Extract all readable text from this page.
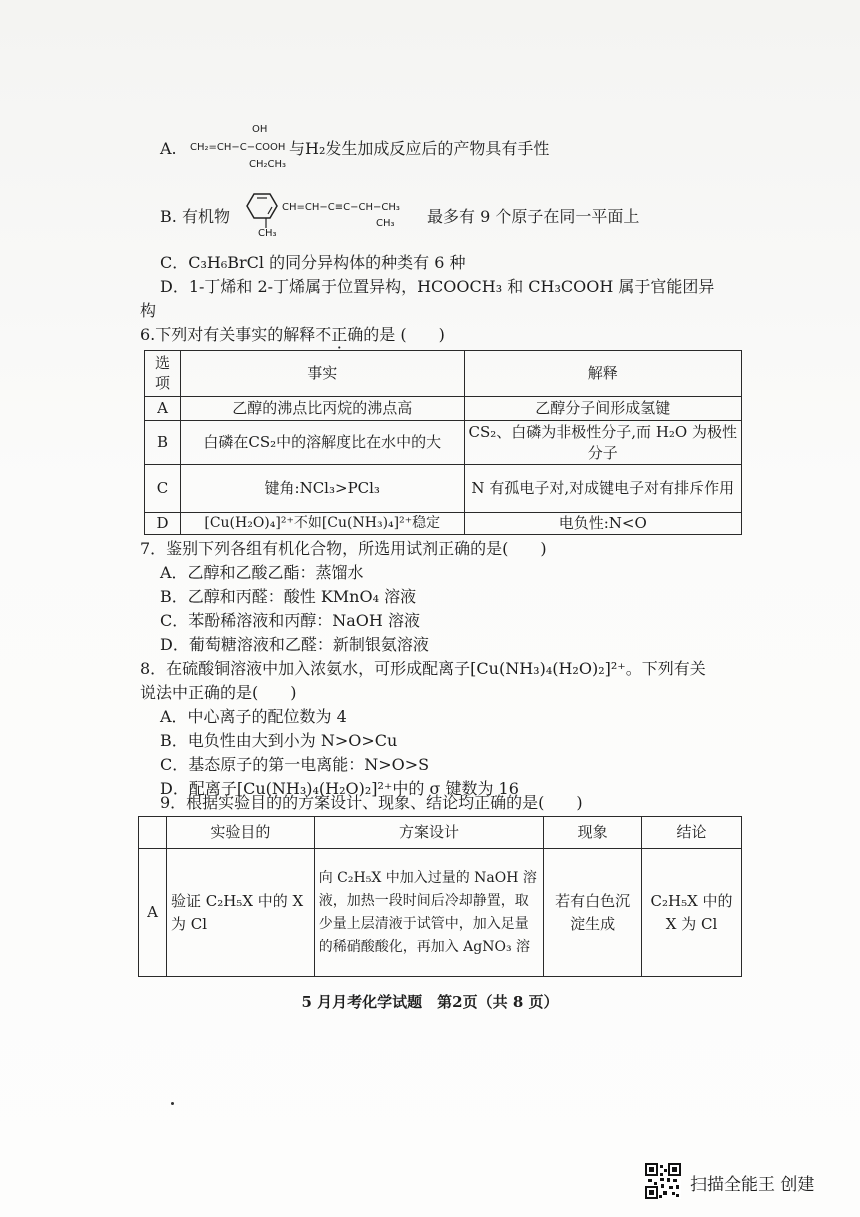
A.
OH
CH₂=CH−C−COOH
CH₂CH₃
与H₂发生加成反应后的产物具有手性
B. 有机物
CH₃
CH=CH−C≡C−CH−CH₃
CH₃ 最多有 9 个原子在同一平面上
C．C₃H₆BrCl 的同分异构体的种类有 6 种
D．1-丁烯和 2-丁烯属于位置异构，HCOOCH₃ 和 CH₃COOH 属于官能团异
构
6.下列对有关事实的解释不正确的是 (　　)
选项	事实	解释
A	乙醇的沸点比丙烷的沸点高	乙醇分子间形成氢键
B	白磷在CS₂中的溶解度比在水中的大	CS₂、白磷为非极性分子,而 H₂O 为极性分子
C	键角:NCl₃>PCl₃	N 有孤电子对,对成键电子对有排斥作用
D	[Cu(H₂O)₄]²⁺不如[Cu(NH₃)₄]²⁺稳定	电负性:N<O
7．鉴别下列各组有机化合物，所选用试剂正确的是(　　)
A．乙醇和乙酸乙酯：蒸馏水
B．乙醇和丙醛：酸性 KMnO₄ 溶液
C．苯酚稀溶液和丙醇：NaOH 溶液
D．葡萄糖溶液和乙醛：新制银氨溶液
8．在硫酸铜溶液中加入浓氨水，可形成配离子[Cu(NH₃)₄(H₂O)₂]²⁺。下列有关
说法中正确的是(　　)
A．中心离子的配位数为 4
B．电负性由大到小为 N>O>Cu
C．基态原子的第一电离能：N>O>S
D．配离子[Cu(NH₃)₄(H₂O)₂]²⁺中的 σ 键数为 16
9．根据实验目的的方案设计、现象、结论均正确的是(　　)
	实验目的	方案设计	现象	结论
A	验证 C₂H₅X 中的 X 为 Cl	向 C₂H₅X 中加入过量的 NaOH 溶液，加热一段时间后冷却静置，取少量上层清液于试管中，加入足量的稀硝酸酸化，再加入 AgNO₃ 溶	若有白色沉淀生成	C₂H₅X 中的 X 为 Cl
5 月月考化学试题　第2页（共 8 页）
扫描全能王 创建
